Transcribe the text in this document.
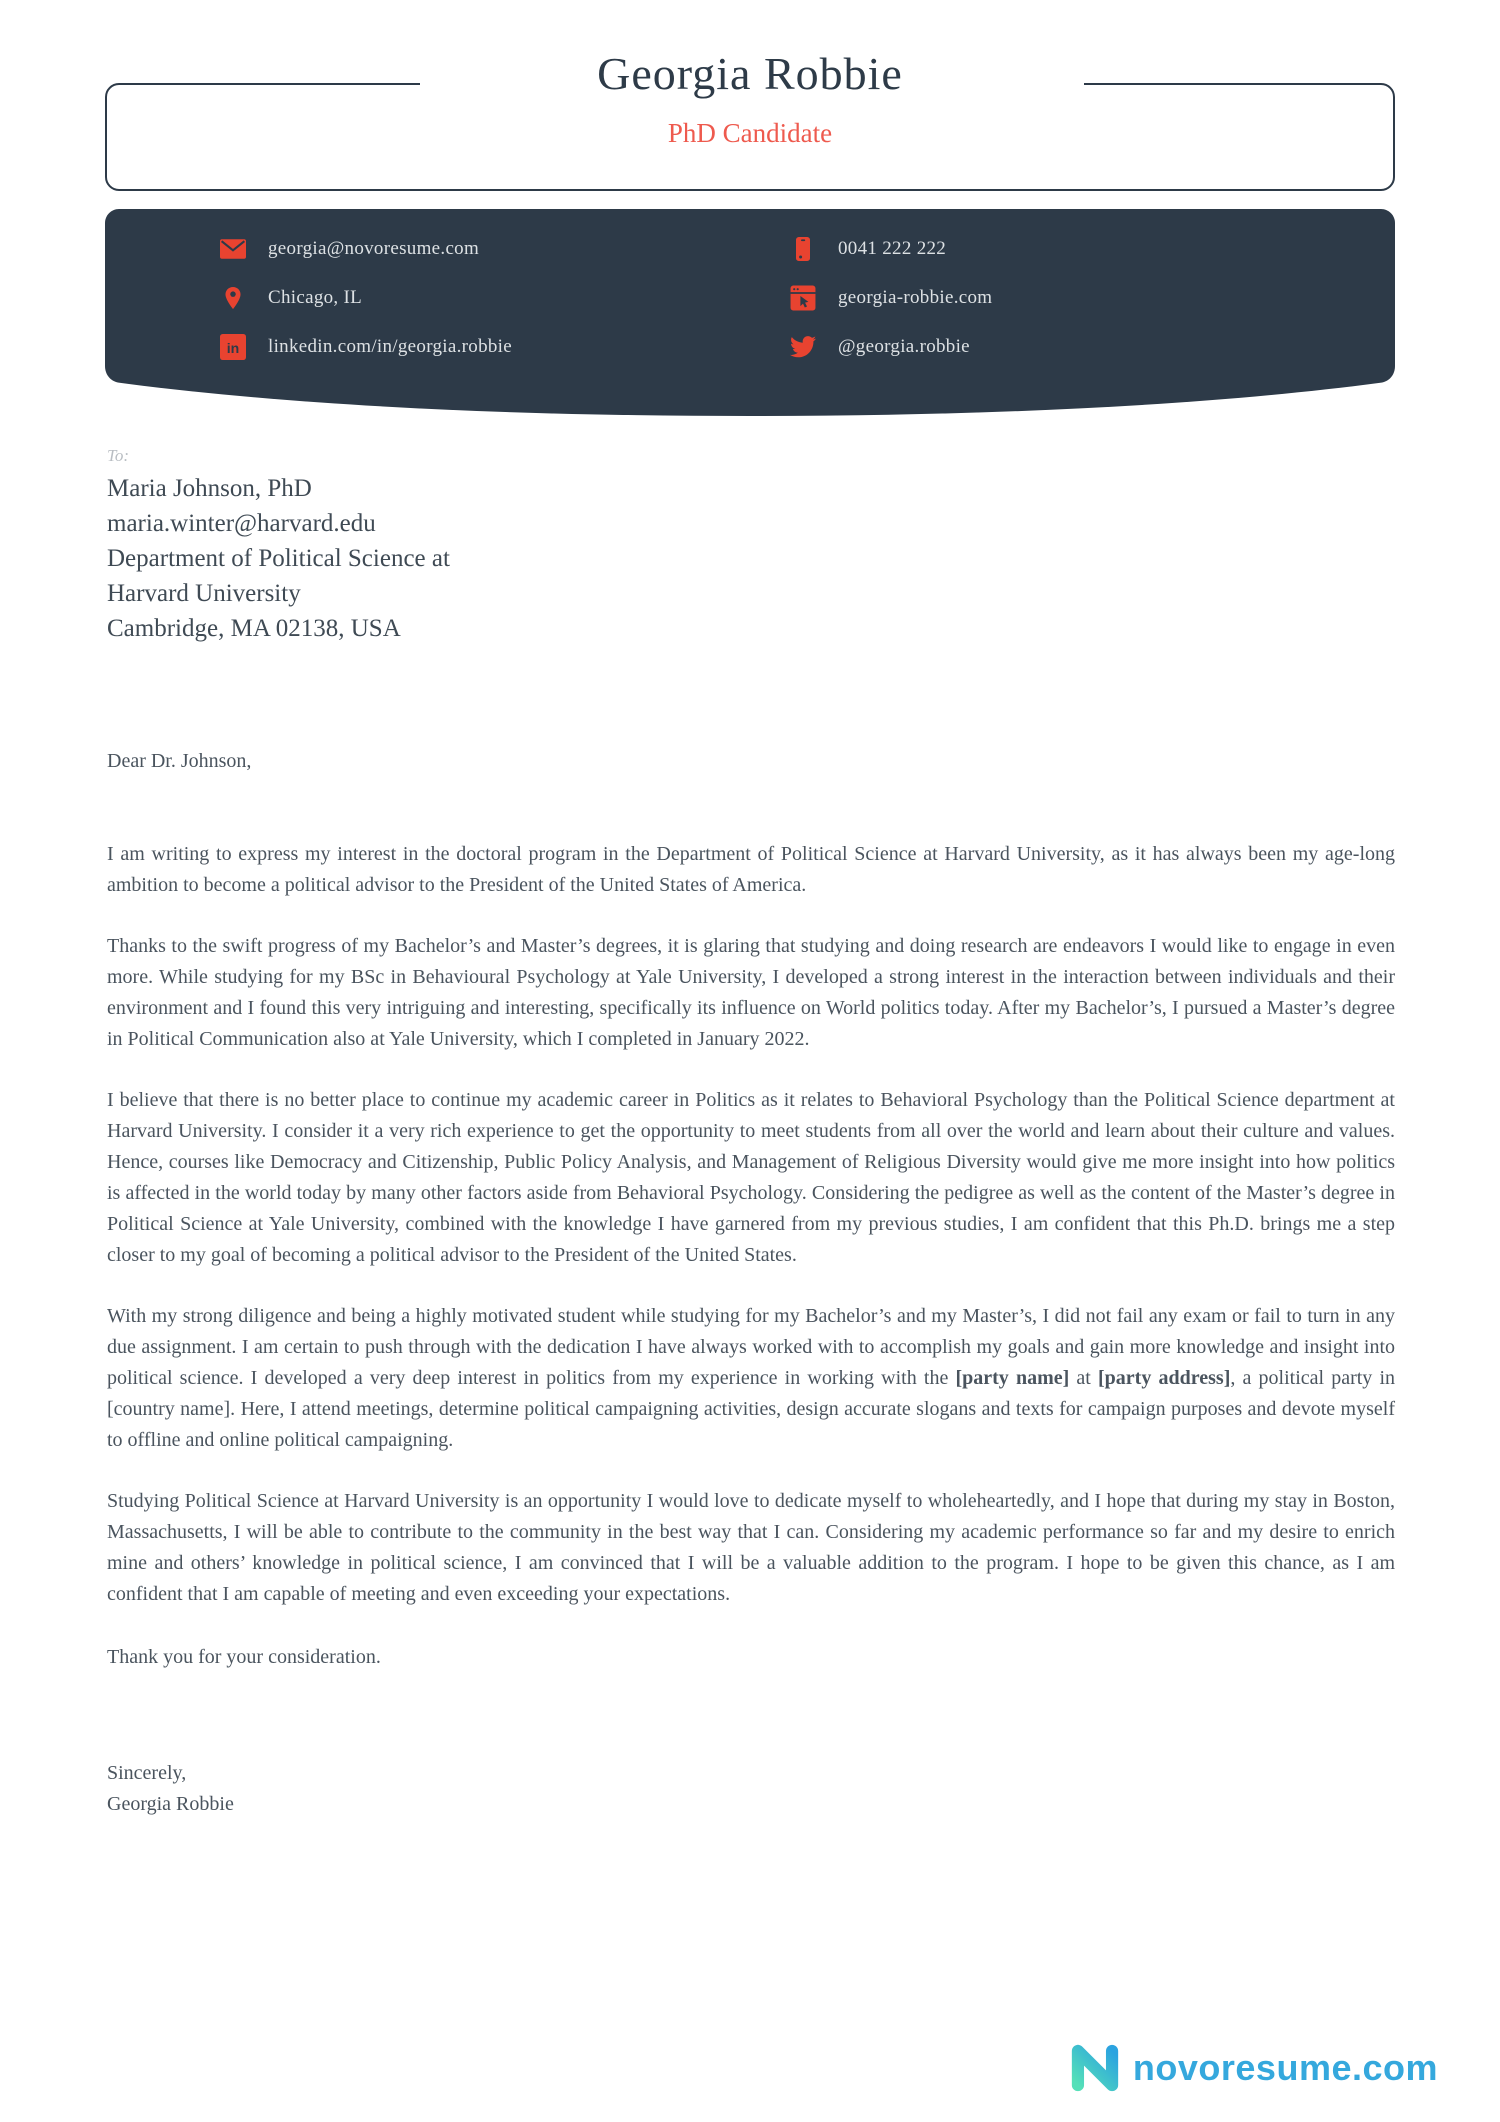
Georgia Robbie
PhD Candidate
georgia@novoresume.com
Chicago, IL
in linkedin.com/in/georgia.robbie
0041 222 222
georgia-robbie.com
@georgia.robbie
To:
Maria Johnson, PhD
maria.winter@harvard.edu
Department of Political Science at
Harvard University
Cambridge, MA 02138, USA
Dear Dr. Johnson,

I am writing to express my interest in the doctoral program in the Department of Political Science at Harvard University, as it has always been my age-long ambition to become a political advisor to the President of the United States of America.

Thanks to the swift progress of my Bachelor’s and Master’s degrees, it is glaring that studying and doing research are endeavors I would like to engage in even more. While studying for my BSc in Behavioural Psychology at Yale University, I developed a strong interest in the interaction between individuals and their environment and I found this very intriguing and interesting, specifically its influence on World politics today. After my Bachelor’s, I pursued a Master’s degree in Political Communication also at Yale University, which I completed in January 2022.

I believe that there is no better place to continue my academic career in Politics as it relates to Behavioral Psychology than the Political Science department at Harvard University. I consider it a very rich experience to get the opportunity to meet students from all over the world and learn about their culture and values. Hence, courses like Democracy and Citizenship, Public Policy Analysis, and Management of Religious Diversity would give me more insight into how politics is affected in the world today by many other factors aside from Behavioral Psychology. Considering the pedigree as well as the content of the Master’s degree in Political Science at Yale University, combined with the knowledge I have garnered from my previous studies, I am confident that this Ph.D. brings me a step closer to my goal of becoming a political advisor to the President of the United States.

With my strong diligence and being a highly motivated student while studying for my Bachelor’s and my Master’s, I did not fail any exam or fail to turn in any due assignment. I am certain to push through with the dedication I have always worked with to accomplish my goals and gain more knowledge and insight into political science. I developed a very deep interest in politics from my experience in working with the [party name] at [party address], a political party in [country name]. Here, I attend meetings, determine political campaigning activities, design accurate slogans and texts for campaign purposes and devote myself to offline and online political campaigning.

Studying Political Science at Harvard University is an opportunity I would love to dedicate myself to wholeheartedly, and I hope that during my stay in Boston, Massachusetts, I will be able to contribute to the community in the best way that I can. Considering my academic performance so far and my desire to enrich mine and others’ knowledge in political science, I am convinced that I will be a valuable addition to the program. I hope to be given this chance, as I am confident that I am capable of meeting and even exceeding your expectations.

Thank you for your consideration.
Sincerely,
Georgia Robbie
novoresume.com
